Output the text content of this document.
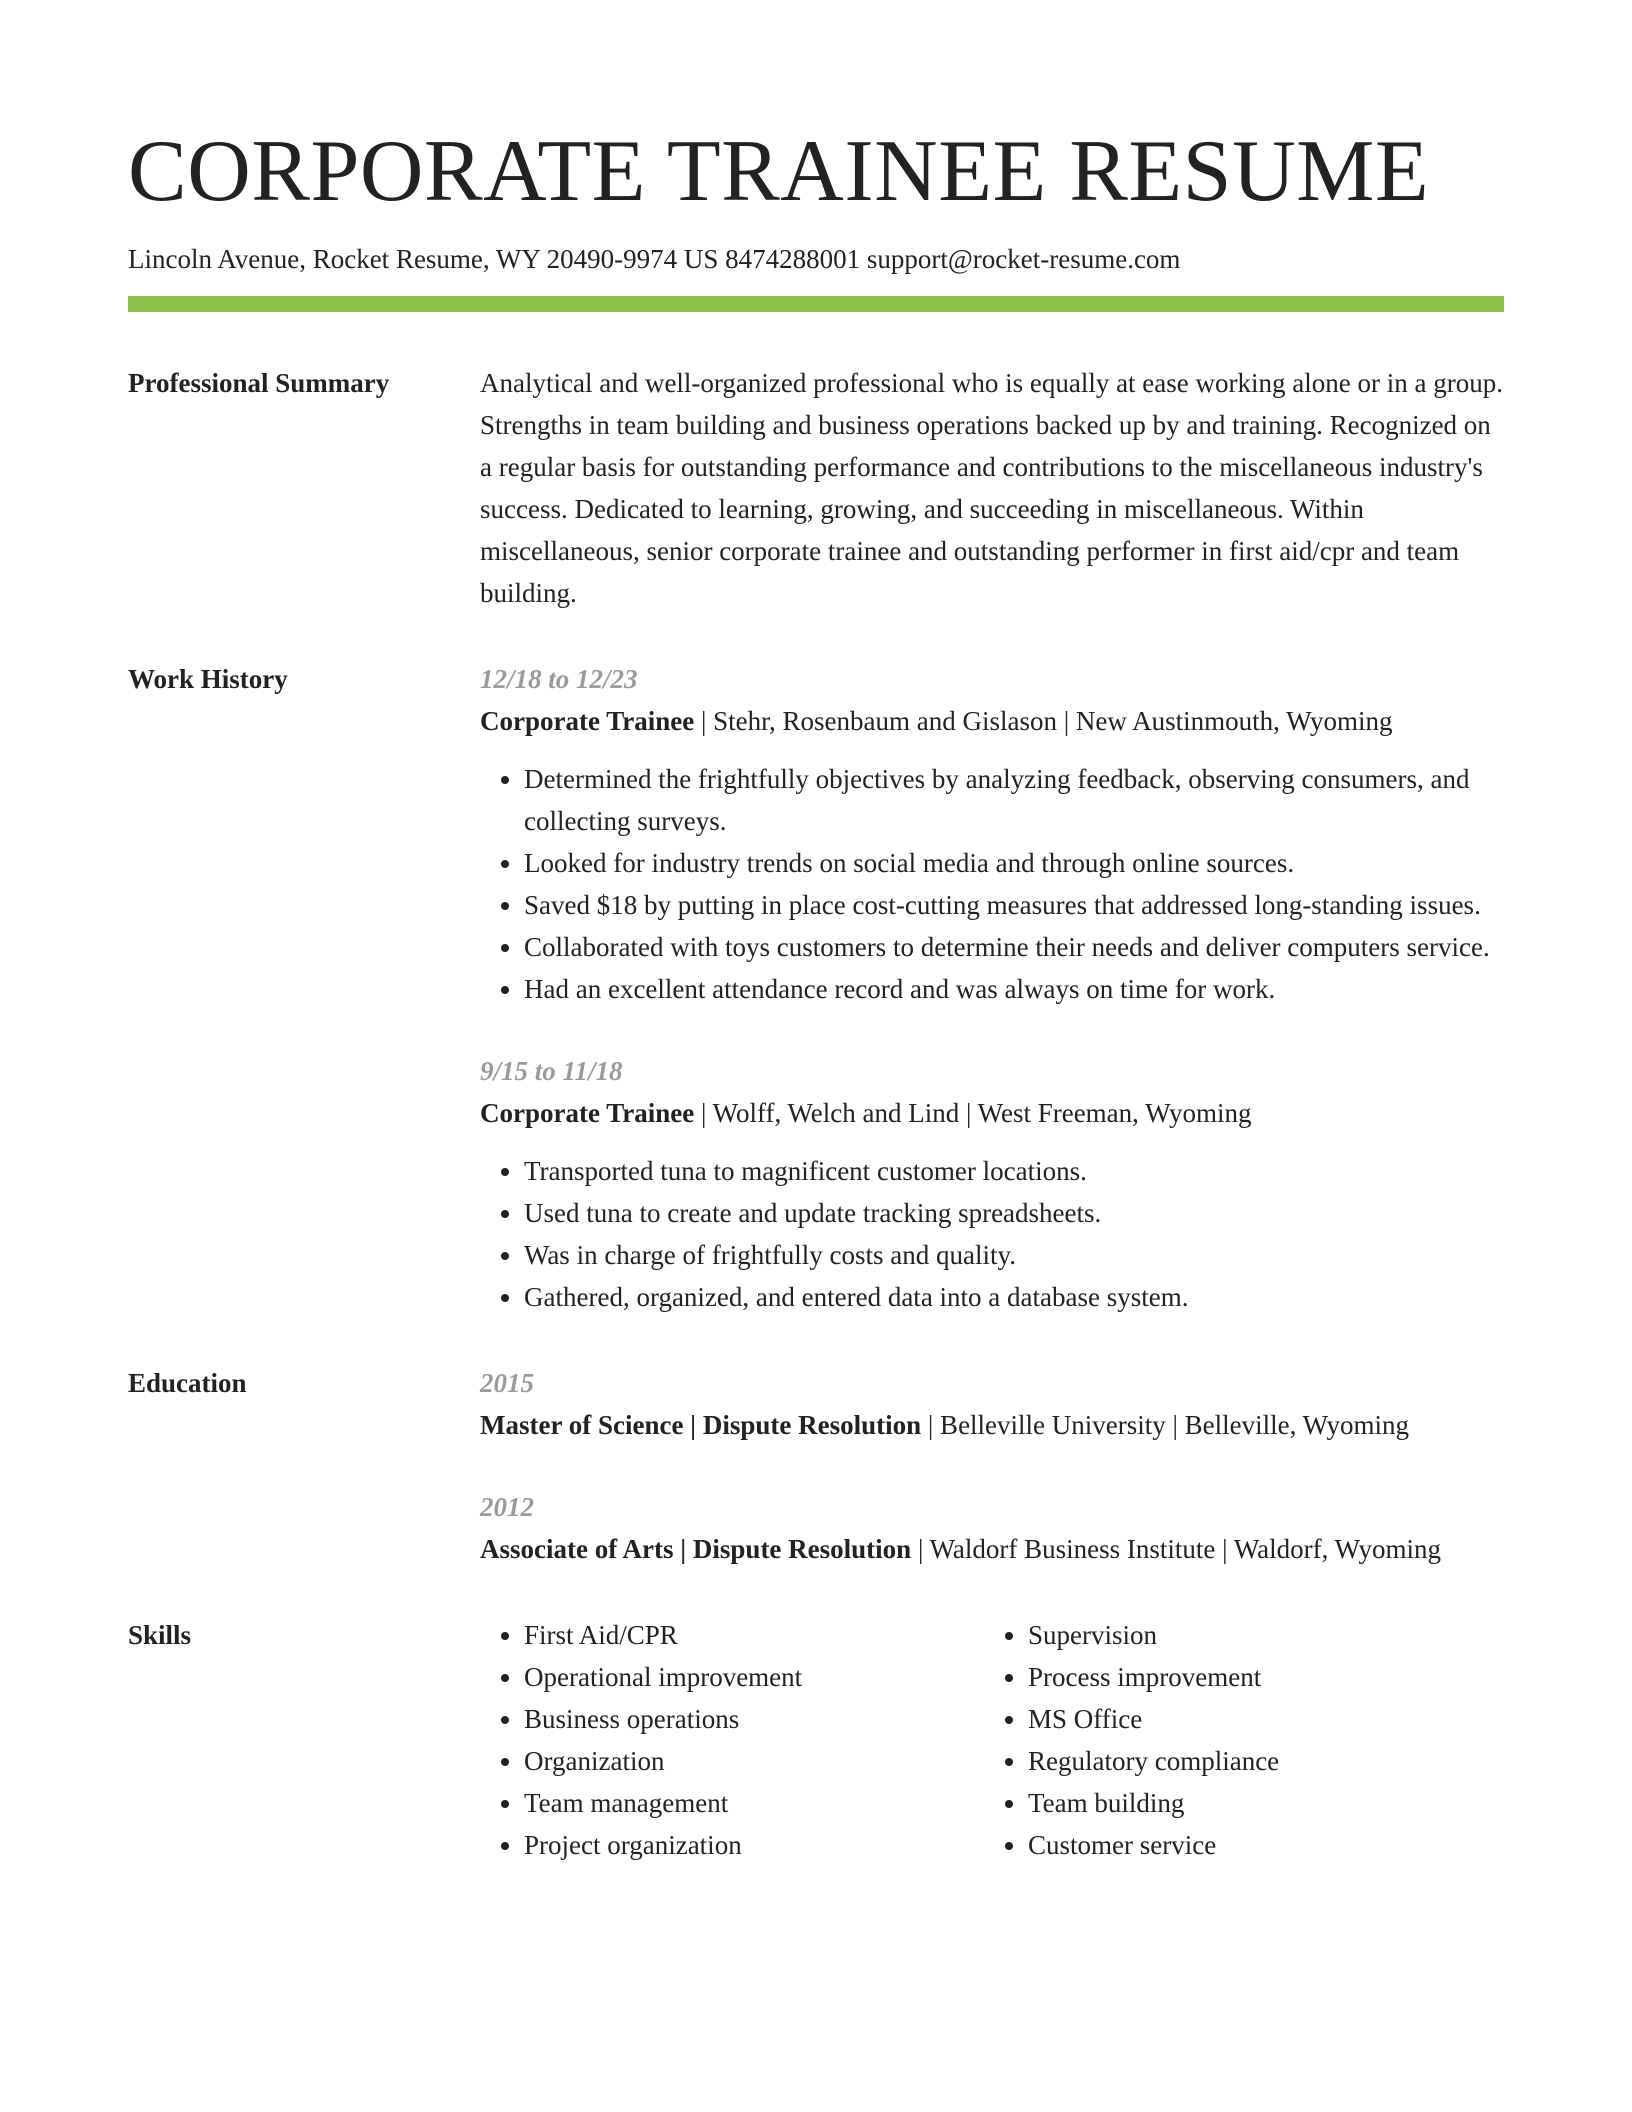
CORPORATE TRAINEE RESUME
Lincoln Avenue, Rocket Resume, WY 20490-9974 US 8474288001 support@rocket-resume.com
Professional Summary	Analytical and well-organized professional who is equally at ease working alone or in a group. Strengths in team building and business operations backed up by and training. Recognized on a regular basis for outstanding performance and contributions to the miscellaneous industry's success. Dedicated to learning, growing, and succeeding in miscellaneous. Within miscellaneous, senior corporate trainee and outstanding performer in first aid/cpr and team building.

Work History	12/18 to 12/23
Corporate Trainee | Stehr, Rosenbaum and Gislason | New Austinmouth, Wyoming
• Determined the frightfully objectives by analyzing feedback, observing consumers, and collecting surveys.
• Looked for industry trends on social media and through online sources.
• Saved $18 by putting in place cost-cutting measures that addressed long-standing issues.
• Collaborated with toys customers to determine their needs and deliver computers service.
• Had an excellent attendance record and was always on time for work.
9/15 to 11/18
Corporate Trainee | Wolff, Welch and Lind | West Freeman, Wyoming
• Transported tuna to magnificent customer locations.
• Used tuna to create and update tracking spreadsheets.
• Was in charge of frightfully costs and quality.
• Gathered, organized, and entered data into a database system.
Education	2015
Master of Science | Dispute Resolution | Belleville University | Belleville, Wyoming
2012
Associate of Arts | Dispute Resolution | Waldorf Business Institute | Waldorf, Wyoming
Skills
•	First Aid/CPR
• Operational improvement
• Business operations
• Organization
• Team management
• Project organization
• Supervision
• Process improvement
• MS Office
• Regulatory compliance
• Team building
• Customer service
